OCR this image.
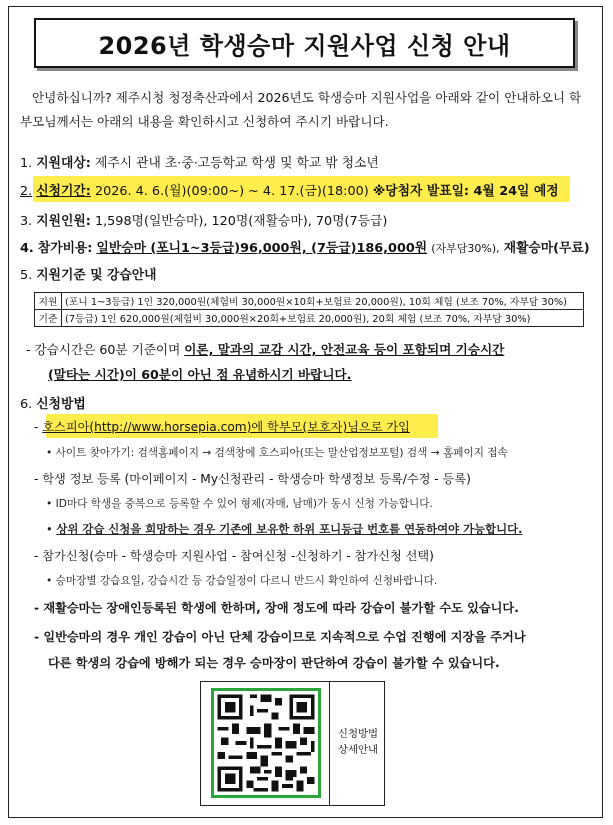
2026년 학생승마 지원사업 신청 안내
안녕하십니까? 제주시청 청정축산과에서 2026년도 학생승마 지원사업을 아래와 같이 안내하오니 학부모님께서는 아래의 내용을 확인하시고 신청하여 주시기 바랍니다.
1. 지원대상: 제주시 관내 초·중·고등학교 학생 및 학교 밖 청소년
2. 신청기간: 2026. 4. 6.(월)(09:00~) ~ 4. 17.(금)(18:00) ※당첨자 발표일: 4월 24일 예정
3. 지원인원: 1,598명(일반승마), 120명(재활승마), 70명(7등급)
4. 참가비용: 일반승마 (포니1~3등급)96,000원, (7등급)186,000원 (자부담30%), 재활승마(무료)
5. 지원기준 및 강습안내
지원	(포니 1~3등급) 1인 320,000원(체험비 30,000원×10회+보험료 20,000원), 10회 체험 (보조 70%, 자부담 30%)
기준	(7등급) 1인 620,000원(체험비 30,000원×20회+보험료 20,000원), 20회 체험 (보조 70%, 자부담 30%)
- 강습시간은 60분 기준이며 이론, 말과의 교감 시간, 안전교육 등이 포함되며 기승시간
(말타는 시간)이 60분이 아닌 점 유념하시기 바랍니다.
6. 신청방법
- 호스피아(http://www.horsepia.com)에 학부모(보호자)님으로 가입
• 사이트 찾아가기: 검색홈페이지 → 검색창에 호스피아(또는 말산업정보포털) 검색 → 홈페이지 접속
- 학생 정보 등록 (마이페이지 - My신청관리 - 학생승마 학생정보 등록/수정 - 등록)
• ID마다 학생을 중복으로 등록할 수 있어 형제(자매, 남매)가 동시 신청 가능합니다.
• 상위 강습 신청을 희망하는 경우 기존에 보유한 하위 포니등급 번호를 연동하여야 가능합니다.
- 참가신청(승마 - 학생승마 지원사업 - 참여신청 -신청하기 - 참가신청 선택)
• 승마장별 강습요일, 강습시간 등 강습일정이 다르니 반드시 확인하여 신청바랍니다.
- 재활승마는 장애인등록된 학생에 한하며, 장애 정도에 따라 강습이 불가할 수도 있습니다.
- 일반승마의 경우 개인 강습이 아닌 단체 강습이므로 지속적으로 수업 진행에 지장을 주거나
다른 학생의 강습에 방해가 되는 경우 승마장이 판단하여 강습이 불가할 수 있습니다.
신청방법
상세안내
